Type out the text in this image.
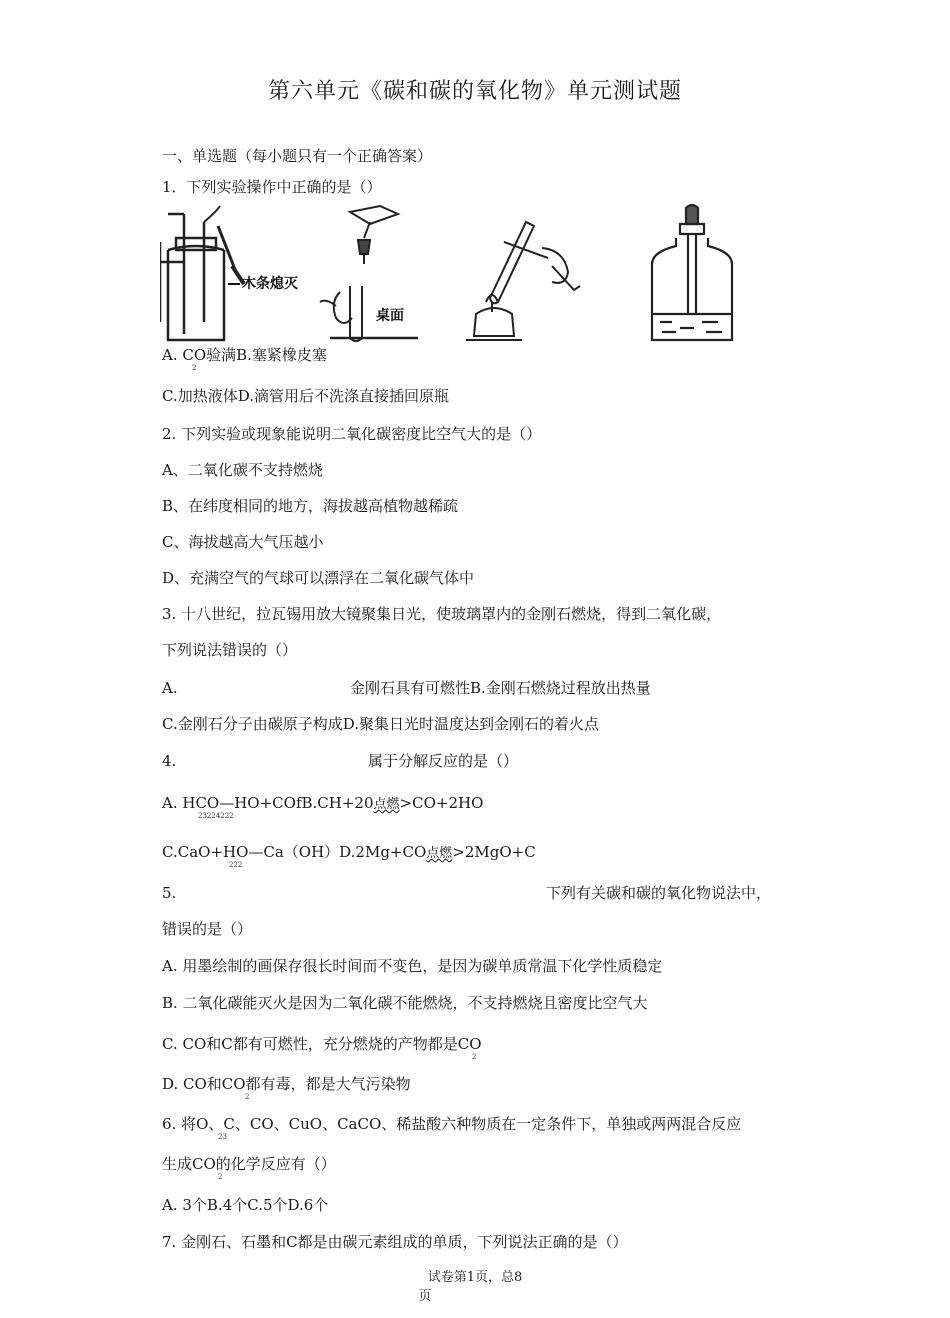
第六单元《碳和碳的氧化物》单元测试题
一、单选题（每小题只有一个正确答案）
1．下列实验操作中正确的是（）
木条熄灭
桌面
A. CO验满B.塞紧橡皮塞
2
C.加热液体D.滴管用后不洗涤直接插回原瓶
2. 下列实验或现象能说明二氧化碳密度比空气大的是（）
A、二氧化碳不支持燃烧
B、在纬度相同的地方，海拔越高植物越稀疏
C、海拔越高大气压越小
D、充满空气的气球可以漂浮在二氧化碳气体中
3. 十八世纪，拉瓦锡用放大镜聚集日光，使玻璃罩内的金刚石燃烧，得到二氧化碳，
下列说法错误的（）
A.	金刚石具有可燃性B.金刚石燃烧过程放出热量
C.金刚石分子由碳原子构成D.聚集日光时温度达到金刚石的着火点
4.	属于分解反应的是（）
A. HCO—HO+COfB.CH+20点燃>CO+2HO
23224222
C.CaO+HO—Ca（OH）D.2Mg+CO点燃>2MgO+C
222
5.	下列有关碳和碳的氧化物说法中，
错误的是（）
A. 用墨绘制的画保存很长时间而不变色，是因为碳单质常温下化学性质稳定
B. 二氧化碳能灭火是因为二氧化碳不能燃烧，不支持燃烧且密度比空气大
C. CO和C都有可燃性，充分燃烧的产物都是CO
2
D. CO和CO都有毒，都是大气污染物
2
6. 将O、C、CO、CuO、CaCO、稀盐酸六种物质在一定条件下，单独或两两混合反应
23
生成CO的化学反应有（）
2
A. 3个B.4个C.5个D.6个
7. 金刚石、石墨和C都是由碳元素组成的单质，下列说法正确的是（）
试卷第1页，总8
页
